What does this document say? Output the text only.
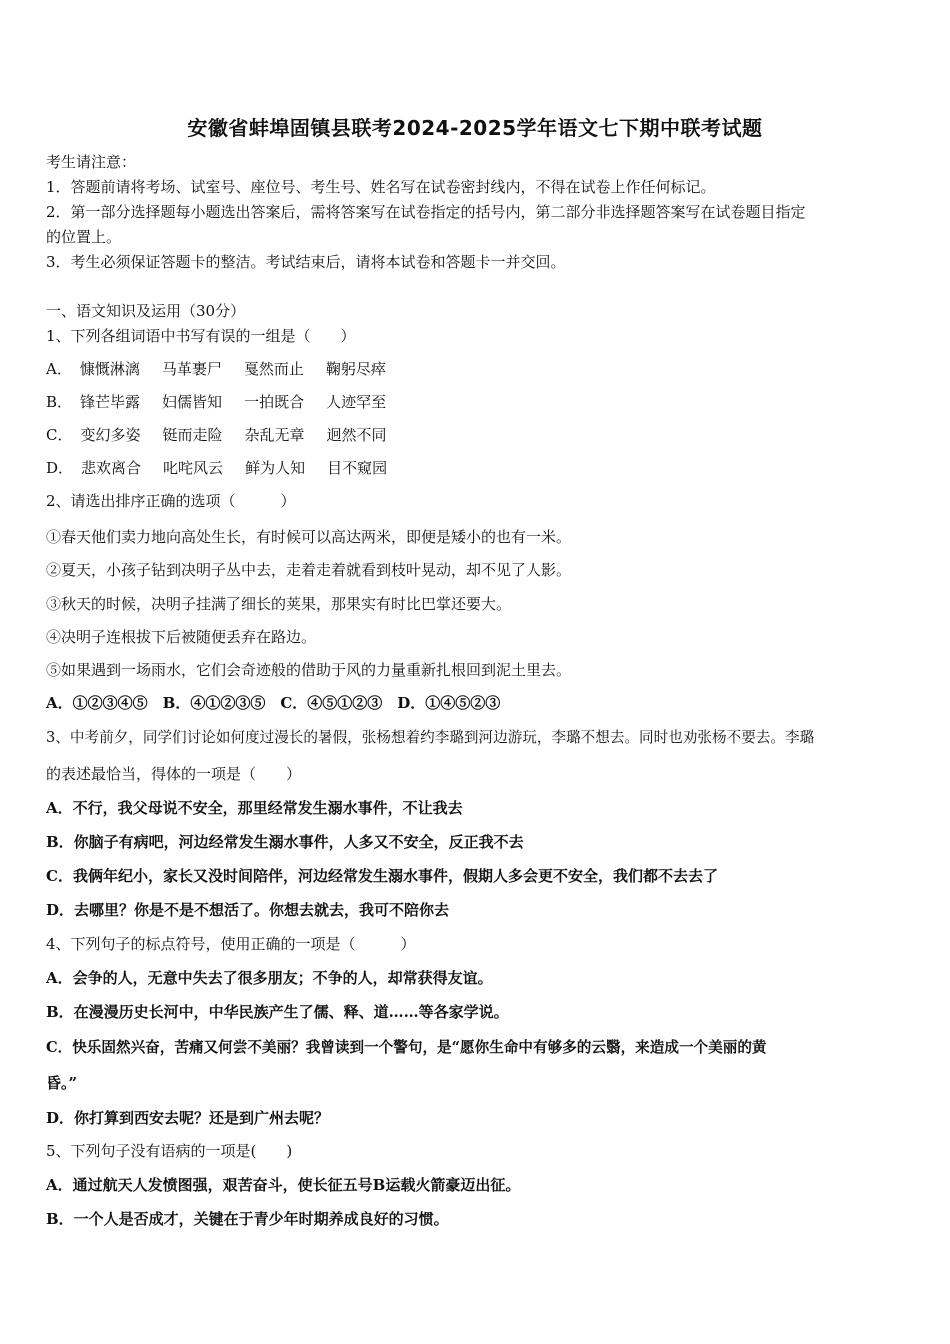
安徽省蚌埠固镇县联考2024-2025学年语文七下期中联考试题
考生请注意：
1．答题前请将考场、试室号、座位号、考生号、姓名写在试卷密封线内，不得在试卷上作任何标记。
2．第一部分选择题每小题选出答案后，需将答案写在试卷指定的括号内，第二部分非选择题答案写在试卷题目指定
的位置上。
3．考生必须保证答题卡的整洁。考试结束后，请将本试卷和答题卡一并交回。
一、语文知识及运用（30分）
1、下列各组词语中书写有误的一组是（　　）
A． 慷慨淋漓 马革裹尸 戛然而止 鞠躬尽瘁
B． 锋芒毕露 妇儒皆知 一拍既合 人迹罕至
C． 变幻多姿 铤而走险 杂乱无章 迥然不同
D． 悲欢离合 叱咤风云 鲜为人知 目不窥园
2、请选出排序正确的选项（　　　）
①春天他们卖力地向高处生长，有时候可以高达两米，即便是矮小的也有一米。
②夏天，小孩子钻到决明子丛中去，走着走着就看到枝叶晃动，却不见了人影。
③秋天的时候，决明子挂满了细长的荚果，那果实有时比巴掌还要大。
④决明子连根拔下后被随便丢弃在路边。
⑤如果遇到一场雨水，它们会奇迹般的借助于风的力量重新扎根回到泥土里去。
A．①②③④⑤　B．④①②③⑤　C．④⑤①②③　D．①④⑤②③
3、中考前夕，同学们讨论如何度过漫长的暑假，张杨想着约李璐到河边游玩，李璐不想去。同时也劝张杨不要去。李璐
的表述最恰当，得体的一项是（　　）
A．不行，我父母说不安全，那里经常发生溺水事件，不让我去
B．你脑子有病吧，河边经常发生溺水事件，人多又不安全，反正我不去
C．我俩年纪小，家长又没时间陪伴，河边经常发生溺水事件，假期人多会更不安全，我们都不去去了
D．去哪里？你是不是不想活了。你想去就去，我可不陪你去
4、下列句子的标点符号，使用正确的一项是（　　　）
A．会争的人，无意中失去了很多朋友；不争的人，却常获得友谊。
B．在漫漫历史长河中，中华民族产生了儒、释、道……等各家学说。
C．快乐固然兴奋，苦痛又何尝不美丽？我曾读到一个警句，是“愿你生命中有够多的云翳，来造成一个美丽的黄
昏。”
D．你打算到西安去呢？还是到广州去呢？
5、下列句子没有语病的一项是(　　)
A．通过航天人发愤图强，艰苦奋斗，使长征五号B运载火箭豪迈出征。
B．一个人是否成才，关键在于青少年时期养成良好的习惯。
